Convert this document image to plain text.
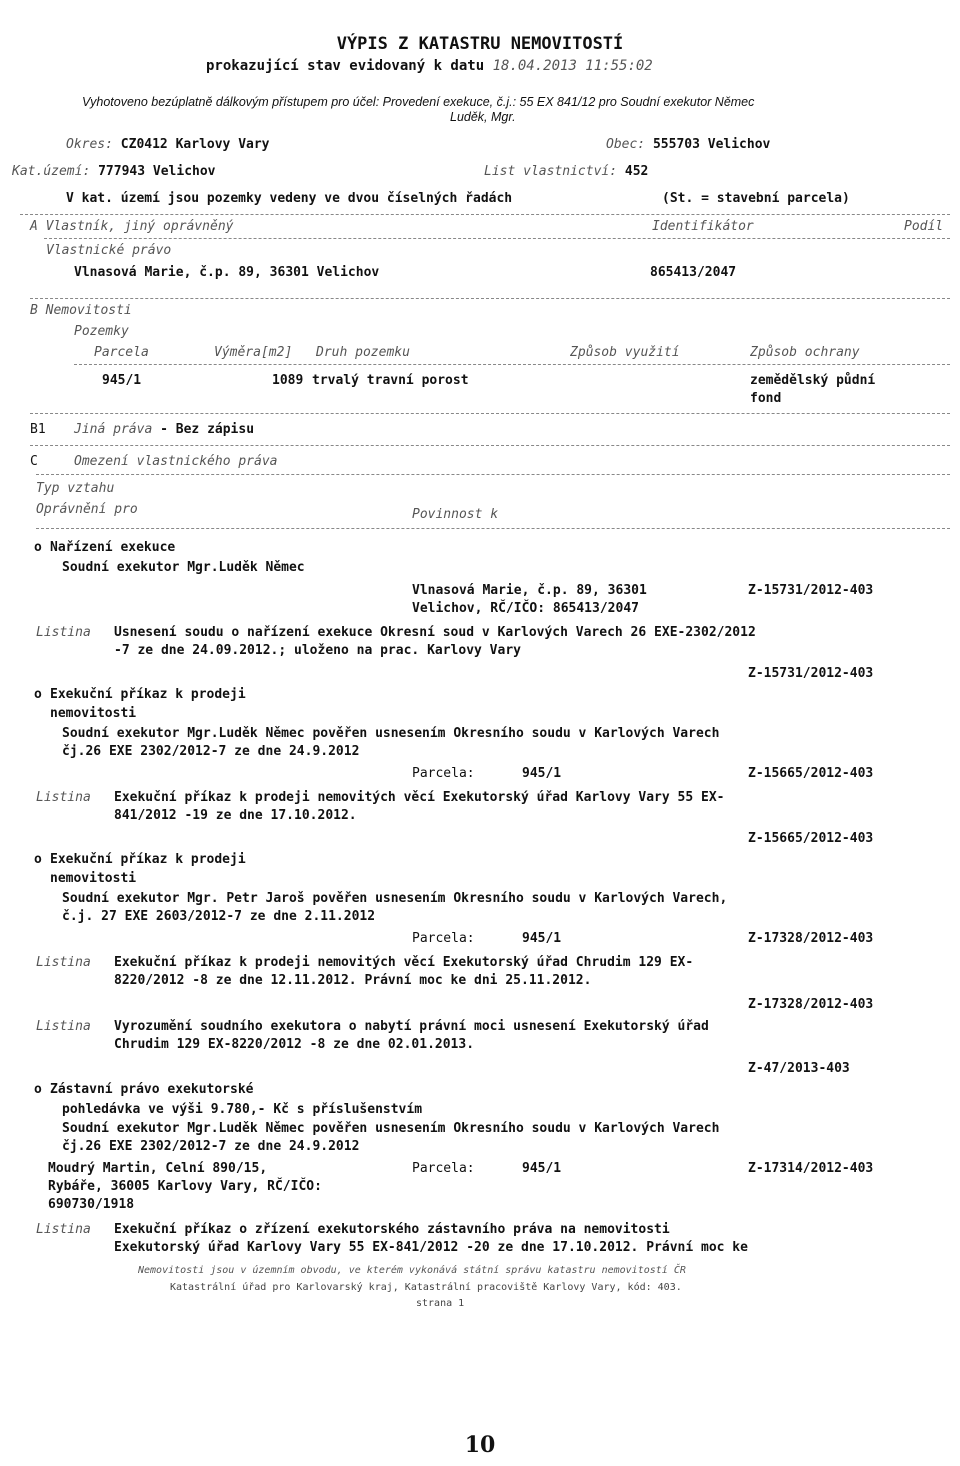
VÝPIS Z KATASTRU NEMOVITOSTÍ
prokazující stav evidovaný k datu 18.04.2013 11:55:02
Vyhotoveno bezúplatně dálkovým přístupem pro účel: Provedení exekuce, č.j.: 55 EX 841/12 pro Soudní exekutor Němec
Luděk, Mgr.
Okres: CZ0412 Karlovy Vary	Obec: 555703 Velichov
Kat.území: 777943 Velichov	List vlastnictví: 452
V kat. území jsou pozemky vedeny ve dvou číselných řadách	(St. = stavební parcela)
A Vlastník, jiný oprávněný	Identifikátor	Podíl
Vlastnické právo
Vlnasová Marie, č.p. 89, 36301 Velichov	865413/2047
B Nemovitosti
Pozemky
Parcela	Výměra[m2] Druh pozemku	Způsob využití	Způsob ochrany
945/1	1089 trvalý travní porost	zemědělský půdní
fond
B1 Jiná práva - Bez zápisu
C	Omezení vlastnického práva
Typ vztahu
Oprávnění pro	Povinnost k
o Nařízení exekuce
Soudní exekutor Mgr.Luděk Němec
Vlnasová Marie, č.p. 89, 36301	Z-15731/2012-403
Velichov, RČ/IČO: 865413/2047
Listina Usnesení soudu o nařízení exekuce Okresní soud v Karlových Varech 26 EXE-2302/2012
-7 ze dne 24.09.2012.; uloženo na prac. Karlovy Vary
Z-15731/2012-403
o Exekuční příkaz k prodeji
nemovitosti
Soudní exekutor Mgr.Luděk Němec pověřen usnesením Okresního soudu v Karlových Varech
čj.26 EXE 2302/2012-7 ze dne 24.9.2012
Parcela:	945/1	Z-15665/2012-403
Listina Exekuční příkaz k prodeji nemovitých věcí Exekutorský úřad Karlovy Vary 55 EX-
841/2012 -19 ze dne 17.10.2012.
Z-15665/2012-403
o Exekuční příkaz k prodeji
nemovitosti
Soudní exekutor Mgr. Petr Jaroš pověřen usnesením Okresního soudu v Karlových Varech,
č.j. 27 EXE 2603/2012-7 ze dne 2.11.2012
Parcela:	945/1	Z-17328/2012-403
Listina Exekuční příkaz k prodeji nemovitých věcí Exekutorský úřad Chrudim 129 EX-
8220/2012 -8 ze dne 12.11.2012. Právní moc ke dni 25.11.2012.
Z-17328/2012-403
Listina Vyrozumění soudního exekutora o nabytí právní moci usnesení Exekutorský úřad
Chrudim 129 EX-8220/2012 -8 ze dne 02.01.2013.
Z-47/2013-403
o Zástavní právo exekutorské
pohledávka ve výši 9.780,- Kč s příslušenstvím
Soudní exekutor Mgr.Luděk Němec pověřen usnesením Okresního soudu v Karlových Varech
čj.26 EXE 2302/2012-7 ze dne 24.9.2012
Moudrý Martin, Celní 890/15,
Rybáře, 36005 Karlovy Vary, RČ/IČO:
690730/1918
Parcela:	945/1	Z-17314/2012-403
Listina Exekuční příkaz o zřízení exekutorského zástavního práva na nemovitosti
Exekutorský úřad Karlovy Vary 55 EX-841/2012 -20 ze dne 17.10.2012. Právní moc ke
Nemovitosti jsou v územním obvodu, ve kterém vykonává státní správu katastru nemovitostí ČR
Katastrální úřad pro Karlovarský kraj, Katastrální pracoviště Karlovy Vary, kód: 403.
strana 1
10
